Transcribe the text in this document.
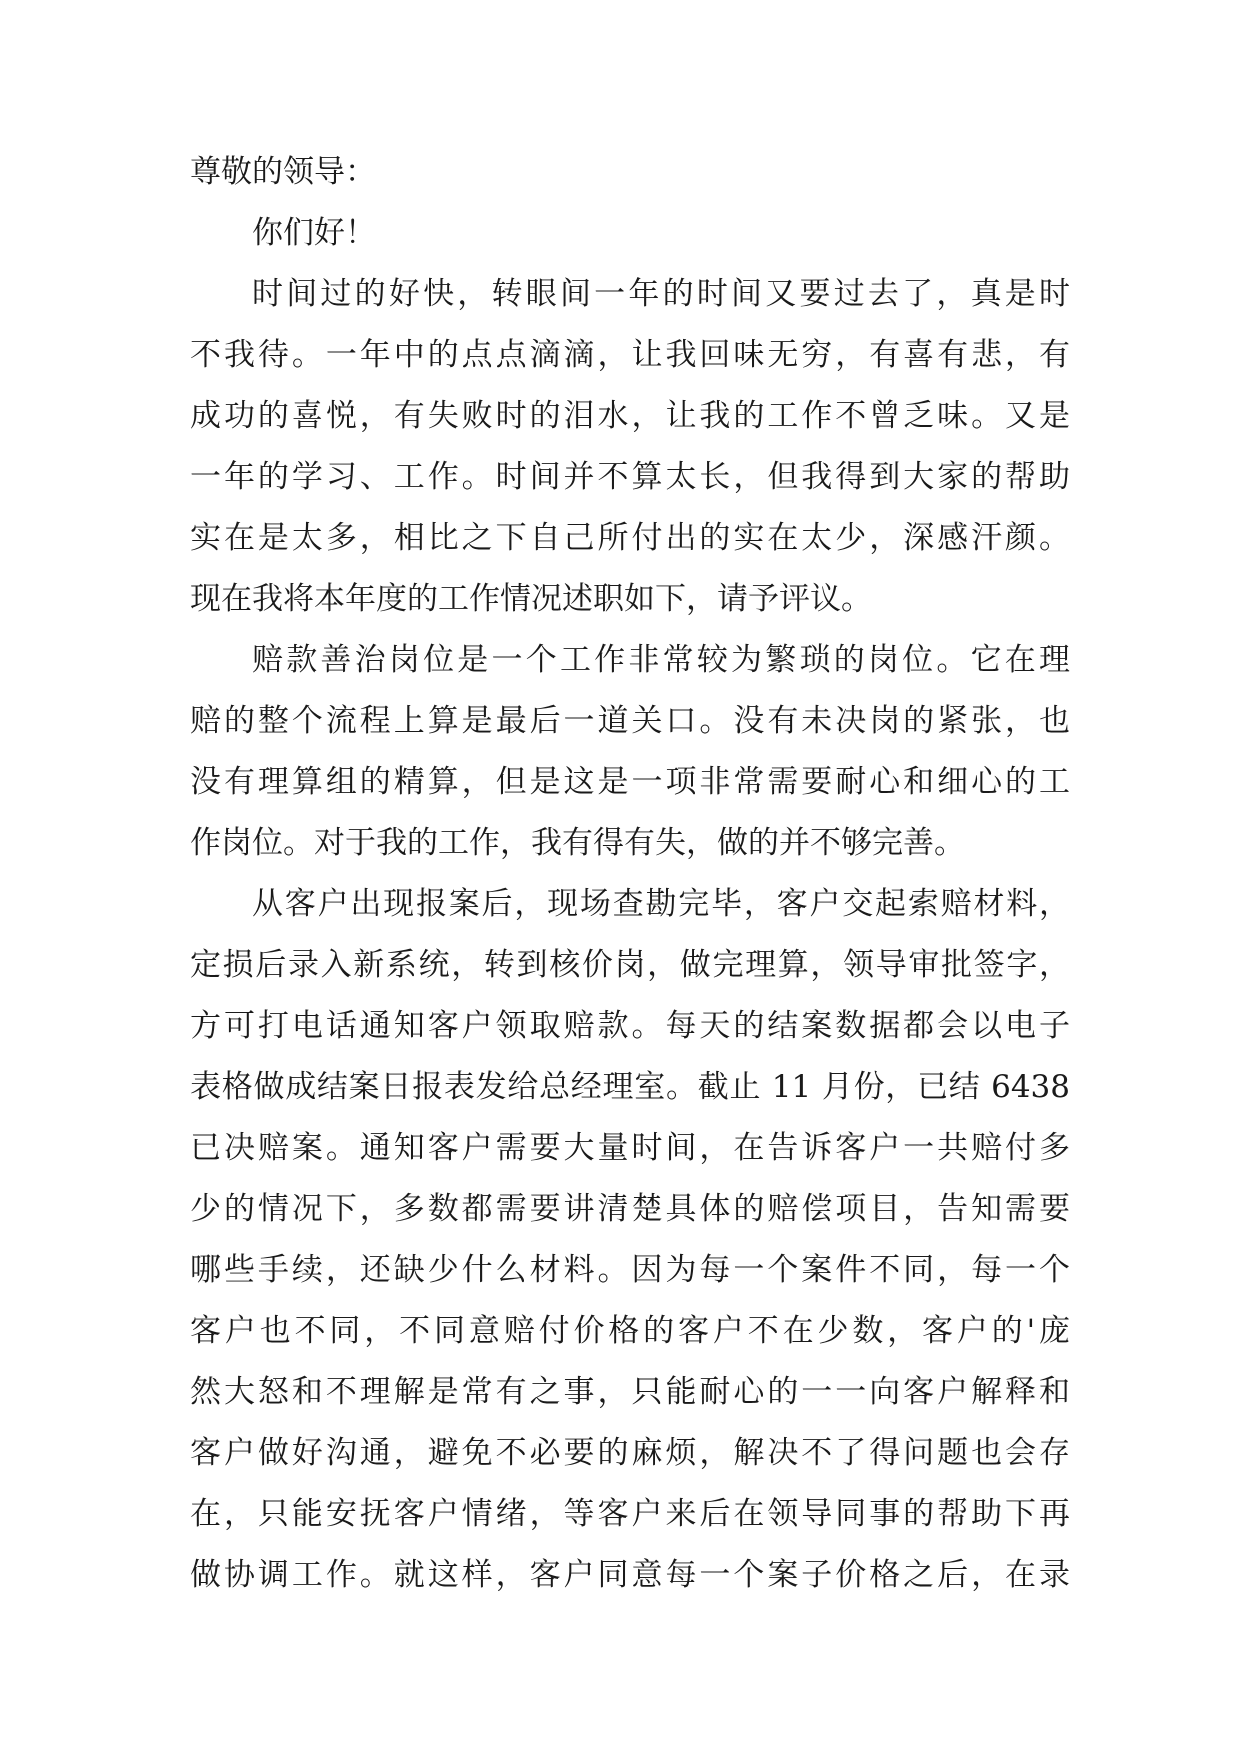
尊敬的领导：
你们好！
时间过的好快，转眼间一年的时间又要过去了，真是时
不我待。一年中的点点滴滴，让我回味无穷，有喜有悲，有
成功的喜悦，有失败时的泪水，让我的工作不曾乏味。又是
一年的学习、工作。时间并不算太长，但我得到大家的帮助
实在是太多，相比之下自己所付出的实在太少，深感汗颜。
现在我将本年度的工作情况述职如下，请予评议。
赔款善治岗位是一个工作非常较为繁琐的岗位。它在理
赔的整个流程上算是最后一道关口。没有未决岗的紧张，也
没有理算组的精算，但是这是一项非常需要耐心和细心的工
作岗位。对于我的工作，我有得有失，做的并不够完善。
从客户出现报案后，现场查勘完毕，客户交起索赔材料，
定损后录入新系统，转到核价岗，做完理算，领导审批签字，
方可打电话通知客户领取赔款。每天的结案数据都会以电子
表格做成结案日报表发给总经理室。截止 11 月份，已结 6438
已决赔案。通知客户需要大量时间，在告诉客户一共赔付多
少的情况下，多数都需要讲清楚具体的赔偿项目，告知需要
哪些手续，还缺少什么材料。因为每一个案件不同，每一个
客户也不同，不同意赔付价格的客户不在少数，客户的'庞
然大怒和不理解是常有之事，只能耐心的一一向客户解释和
客户做好沟通，避免不必要的麻烦，解决不了得问题也会存
在，只能安抚客户情绪，等客户来后在领导同事的帮助下再
做协调工作。就这样，客户同意每一个案子价格之后，在录
